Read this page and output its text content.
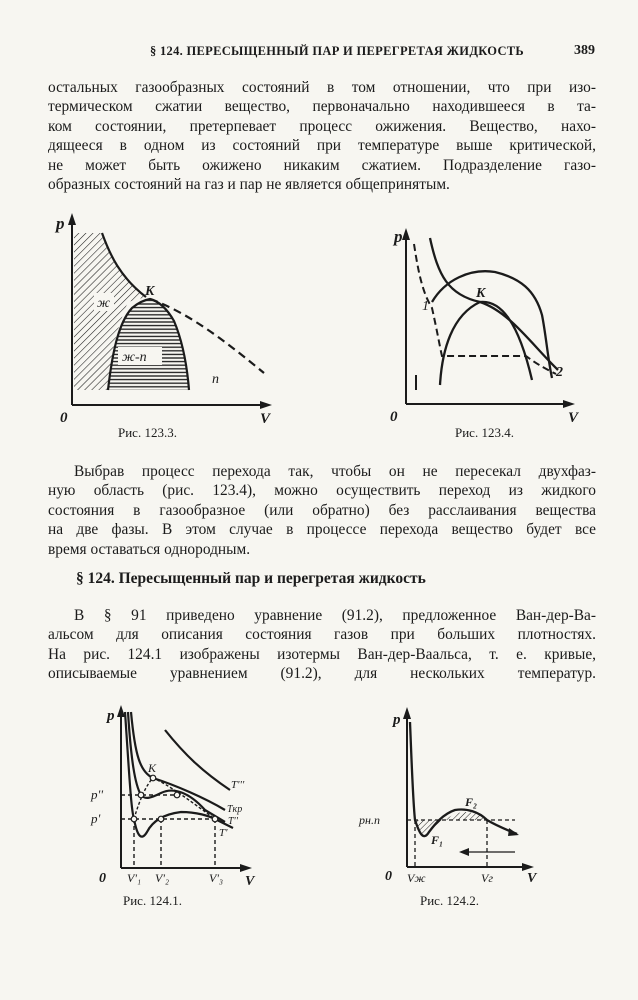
§ 124. ПЕРЕСЫЩЕННЫЙ ПАР И ПЕРЕГРЕТАЯ ЖИДКОСТЬ	389
остальных газообразных состояний в том отношении, что при изо-
термическом сжатии вещество, первоначально находившееся в та-
ком состоянии, претерпевает процесс ожижения. Вещество, нахо-
дящееся в одном из состояний при температуре выше критической,
не может быть ожижено никаким сжатием. Подразделение газо-
образных состояний на газ и пар не является общепринятым.
p
V
0
K
ж
ж-п
п
Рис. 123.3.
p
V
0
K
1
2
Рис. 123.4.
Выбрав процесс перехода так, чтобы он не пересекал двухфаз-
ную область (рис. 123.4), можно осуществить переход из жидкого
состояния в газообразное (или обратно) без расслаивания вещества
на две фазы. В этом случае в процессе перехода вещество будет все
время оставаться однородным.
§ 124. Пересыщенный пар и перегретая жидкость
В § 91 приведено уравнение (91.2), предложенное Ван-дер-Ва-
альсом для описания состояния газов при больших плотностях.
На рис. 124.1 изображены изотермы Ван-дер-Ваальса, т. е. кривые,
описываемые уравнением (91.2), для нескольких температур.
p
V
0
p''
p'
V'₁ V'₂	V'₃
K
T'''
Tкр
T''
T'
Рис. 124.1.
p
V
0
pн.п
Vж	Vг
F₁
F₂
Рис. 124.2.
